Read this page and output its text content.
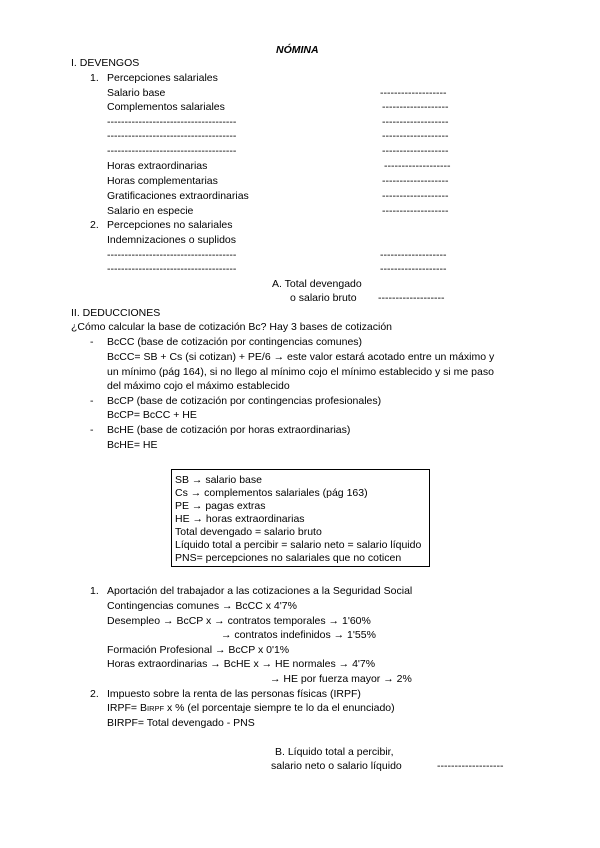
NÓMINA
I. DEVENGOS
1. Percepciones salariales
Salario base	-------------------
Complementos salariales	-------------------
-------------------------------------	-------------------
-------------------------------------	-------------------
-------------------------------------	-------------------
Horas extraordinarias	-------------------
Horas complementarias	-------------------
Gratificaciones extraordinarias	-------------------
Salario en especie	-------------------
2. Percepciones no salariales
Indemnizaciones o suplidos
-------------------------------------	-------------------
-------------------------------------	-------------------
A. Total devengado
o salario bruto -------------------
II. DEDUCCIONES
¿Cómo calcular la base de cotización Bc? Hay 3 bases de cotización
- BcCC (base de cotización por contingencias comunes)
BcCC= SB + Cs (si cotizan) + PE/6 → este valor estará acotado entre un máximo y
un mínimo (pág 164), si no llego al mínimo cojo el mínimo establecido y si me paso
del máximo cojo el máximo establecido
- BcCP (base de cotización por contingencias profesionales)
BcCP= BcCC + HE
- BcHE (base de cotización por horas extraordinarias)
BcHE= HE
SB → salario base
Cs → complementos salariales (pág 163)
PE → pagas extras
HE → horas extraordinarias
Total devengado = salario bruto
Líquido total a percibir = salario neto = salario líquido
PNS= percepciones no salariales que no coticen
1. Aportación del trabajador a las cotizaciones a la Seguridad Social
Contingencias comunes → BcCC x 4'7%
Desempleo → BcCP x → contratos temporales → 1'60%
→ contratos indefinidos → 1'55%
Formación Profesional → BcCP x 0'1%
Horas extraordinarias → BcHE x → HE normales → 4'7%
→ HE por fuerza mayor → 2%
2. Impuesto sobre la renta de las personas físicas (IRPF)
IRPF= BIRPF x % (el porcentaje siempre te lo da el enunciado)
BIRPF= Total devengado - PNS
B. Líquido total a percibir,
salario neto o salario líquido	-------------------
